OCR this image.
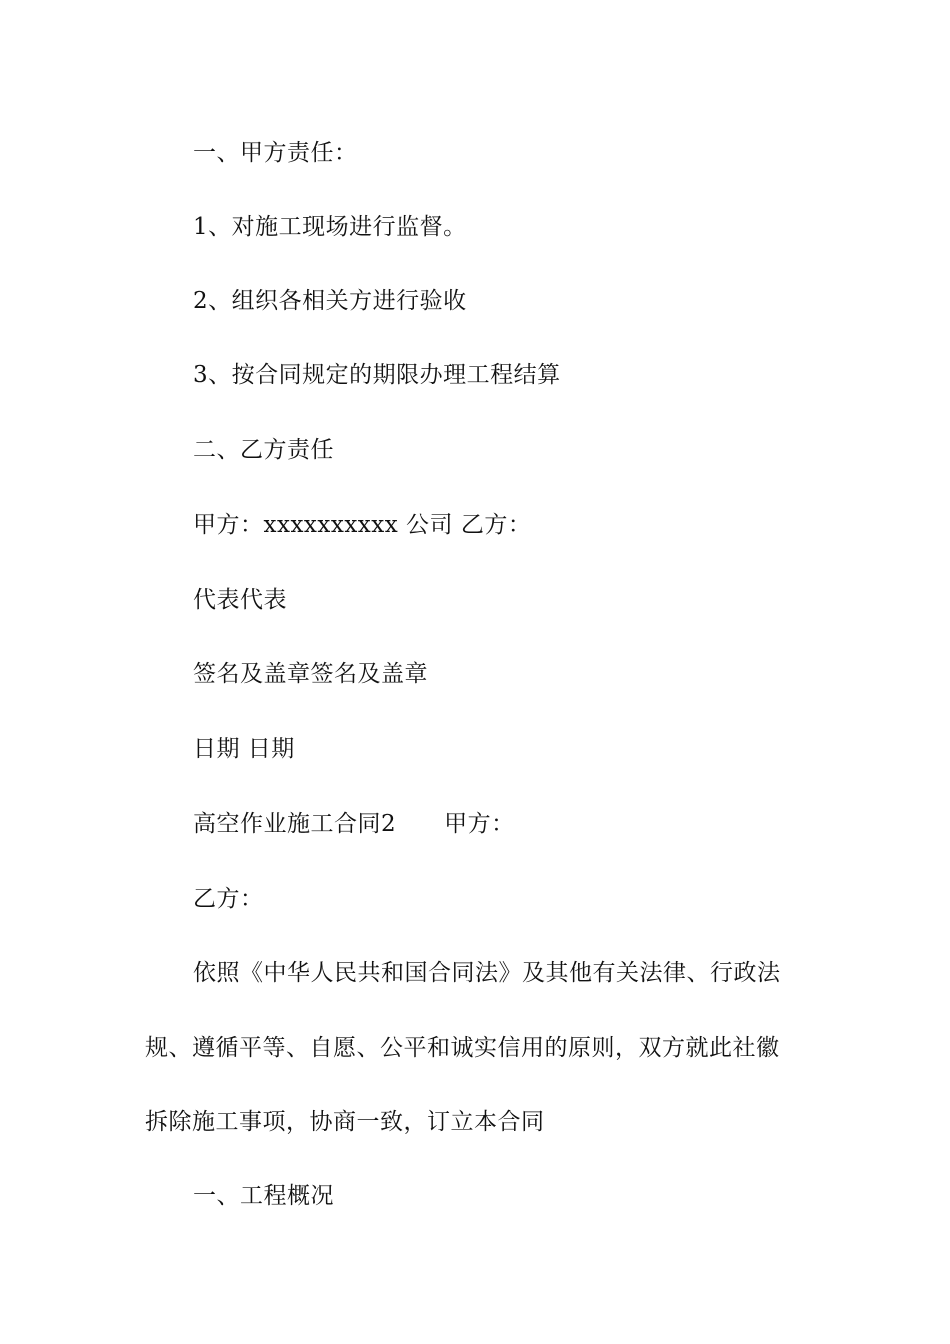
一、甲方责任：
1、对施工现场进行监督。
2、组织各相关方进行验收
3、按合同规定的期限办理工程结算
二、乙方责任
甲方：xxxxxxxxxx 公司 乙方：
代表代表
签名及盖章签名及盖章
日期 日期
高空作业施工合同2 甲方：
乙方：
依照《中华人民共和国合同法》及其他有关法律、行政法
规、遵循平等、自愿、公平和诚实信用的原则，双方就此社徽
拆除施工事项，协商一致，订立本合同
一、工程概况
